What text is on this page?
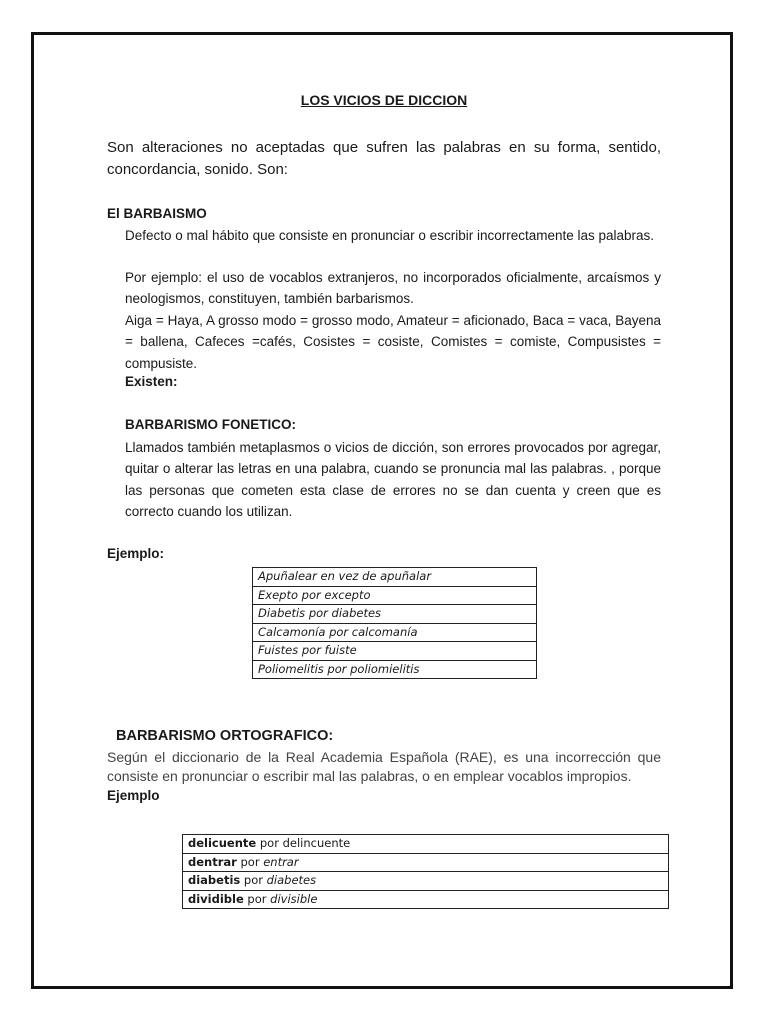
LOS VICIOS DE DICCION
Son alteraciones no aceptadas que sufren las palabras en su forma, sentido, concordancia, sonido. Son:
El BARBAISMO
Defecto o mal hábito que consiste en pronunciar o escribir incorrectamente las palabras.
Por ejemplo: el uso de vocablos extranjeros, no incorporados oficialmente, arcaísmos y neologismos, constituyen, también barbarismos.
Aiga = Haya, A grosso modo = grosso modo, Amateur = aficionado, Baca = vaca, Bayena = ballena, Cafeces =cafés, Cosistes = cosiste, Comistes = comiste, Compusistes = compusiste.
Existen:
BARBARISMO FONETICO:
Llamados también metaplasmos o vicios de dicción, son errores provocados por agregar, quitar o alterar las letras en una palabra, cuando se pronuncia mal las palabras. , porque las personas que cometen esta clase de errores no se dan cuenta y creen que es correcto cuando los utilizan.
Ejemplo:
Apuñalear en vez de apuñalar
Exepto por excepto
Diabetis por diabetes
Calcamonía por calcomanía
Fuistes por fuiste
Poliomelitis por poliomielitis
BARBARISMO ORTOGRAFICO:
Según el diccionario de la Real Academia Española (RAE), es una incorrección que consiste en pronunciar o escribir mal las palabras, o en emplear vocablos impropios.
Ejemplo
delicuente por delincuente
dentrar por entrar
diabetis por diabetes
dividible por divisible
